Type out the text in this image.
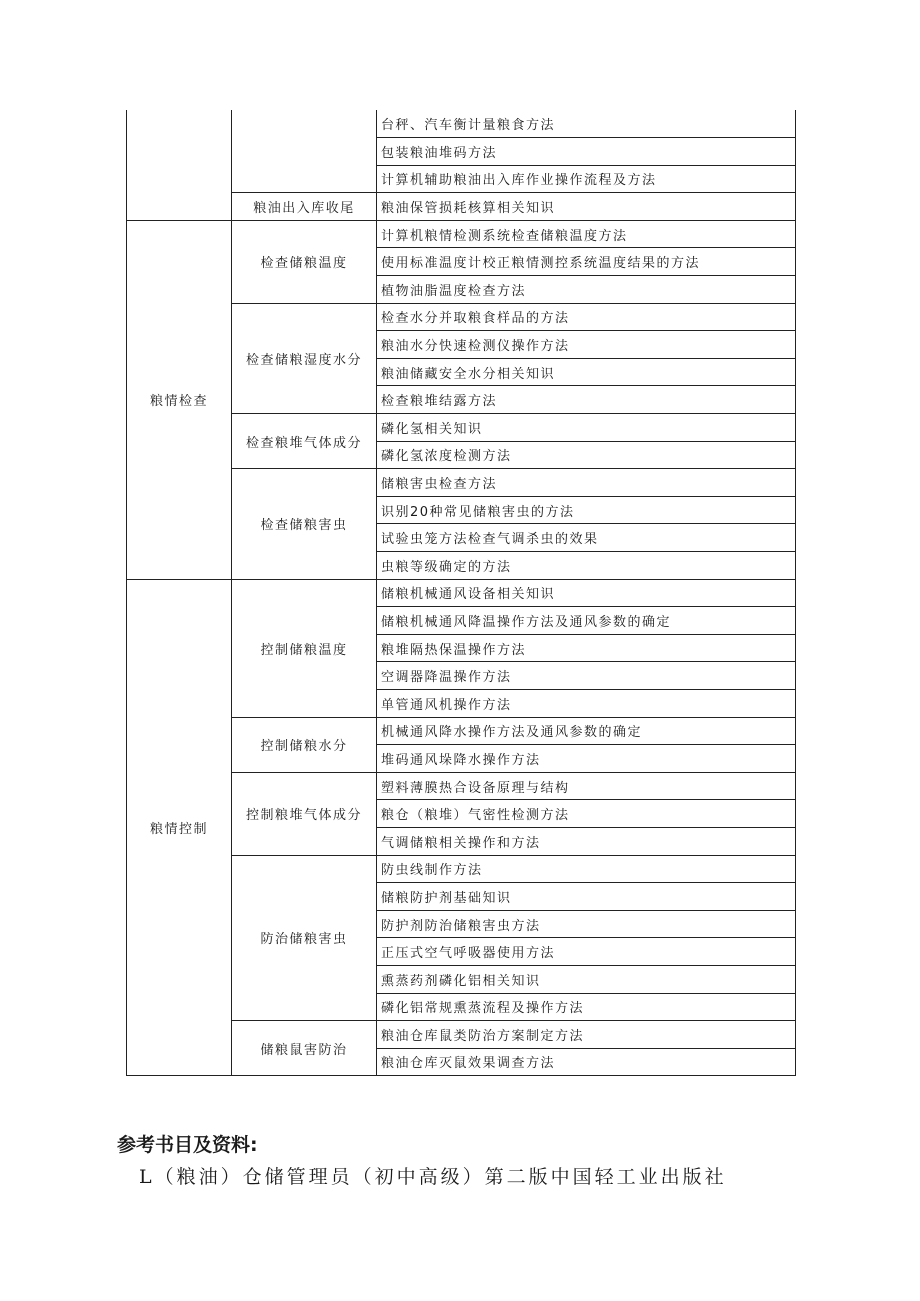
		台秤、汽车衡计量粮食方法
		包装粮油堆码方法
		计算机辅助粮油出入库作业操作流程及方法
	粮油出入库收尾	粮油保管损耗核算相关知识
粮情检查	检查储粮温度	计算机粮情检测系统检查储粮温度方法
		使用标准温度计校正粮情测控系统温度结果的方法
		植物油脂温度检查方法
	检查储粮湿度水分	检查水分并取粮食样品的方法
		粮油水分快速检测仪操作方法
		粮油储藏安全水分相关知识
		检查粮堆结露方法
	检查粮堆气体成分	磷化氢相关知识
		磷化氢浓度检测方法
	检查储粮害虫	储粮害虫检查方法
		识别20种常见储粮害虫的方法
		试验虫笼方法检查气调杀虫的效果
		虫粮等级确定的方法
粮情控制	控制储粮温度	储粮机械通风设备相关知识
		储粮机械通风降温操作方法及通风参数的确定
		粮堆隔热保温操作方法
		空调器降温操作方法
		单管通风机操作方法
	控制储粮水分	机械通风降水操作方法及通风参数的确定
		堆码通风垛降水操作方法
	控制粮堆气体成分	塑料薄膜热合设备原理与结构
		粮仓（粮堆）气密性检测方法
		气调储粮相关操作和方法
	防治储粮害虫	防虫线制作方法
		储粮防护剂基础知识
		防护剂防治储粮害虫方法
		正压式空气呼吸器使用方法
		熏蒸药剂磷化铝相关知识
		磷化铝常规熏蒸流程及操作方法
	储粮鼠害防治	粮油仓库鼠类防治方案制定方法
		粮油仓库灭鼠效果调查方法
参考书目及资料:
L（粮油）仓储管理员（初中高级）第二版中国轻工业出版社
